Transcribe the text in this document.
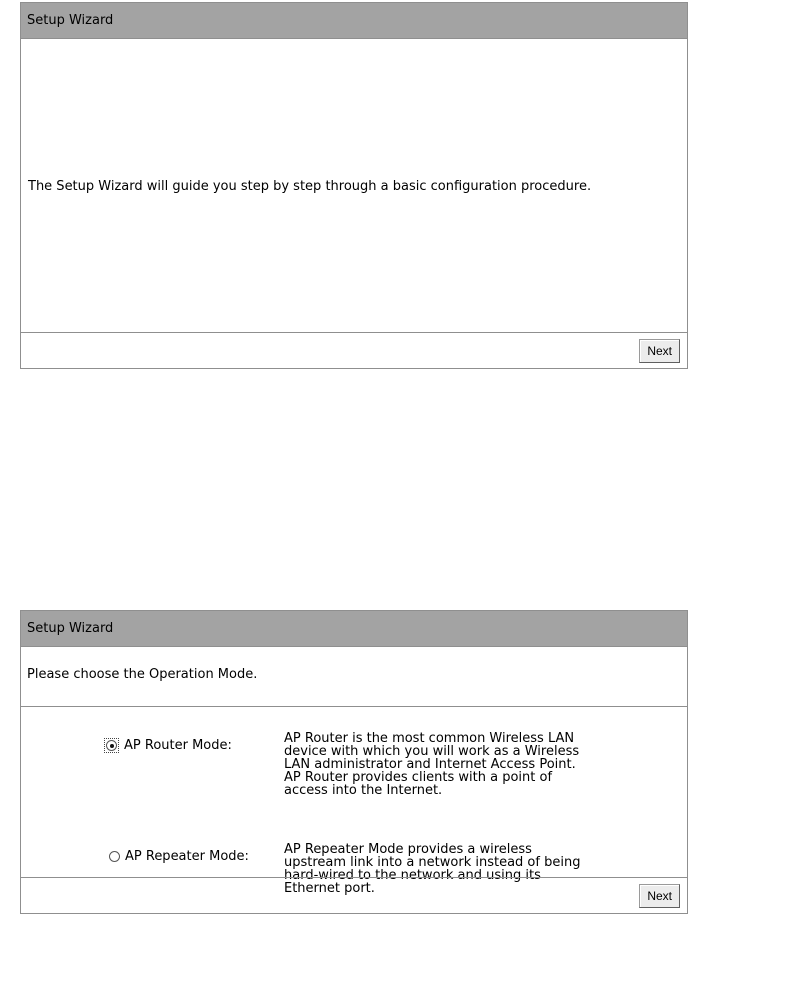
Setup Wizard
The Setup Wizard will guide you step by step through a basic configuration procedure.
Next
Setup Wizard
Please choose the Operation Mode.
AP Router Mode:	AP Router is the most common Wireless LAN
device with which you will work as a Wireless
LAN administrator and Internet Access Point.
AP Router provides clients with a point of
access into the Internet.
AP Repeater Mode:	AP Repeater Mode provides a wireless
upstream link into a network instead of being
hard-wired to the network and using its
Ethernet port.	Next
